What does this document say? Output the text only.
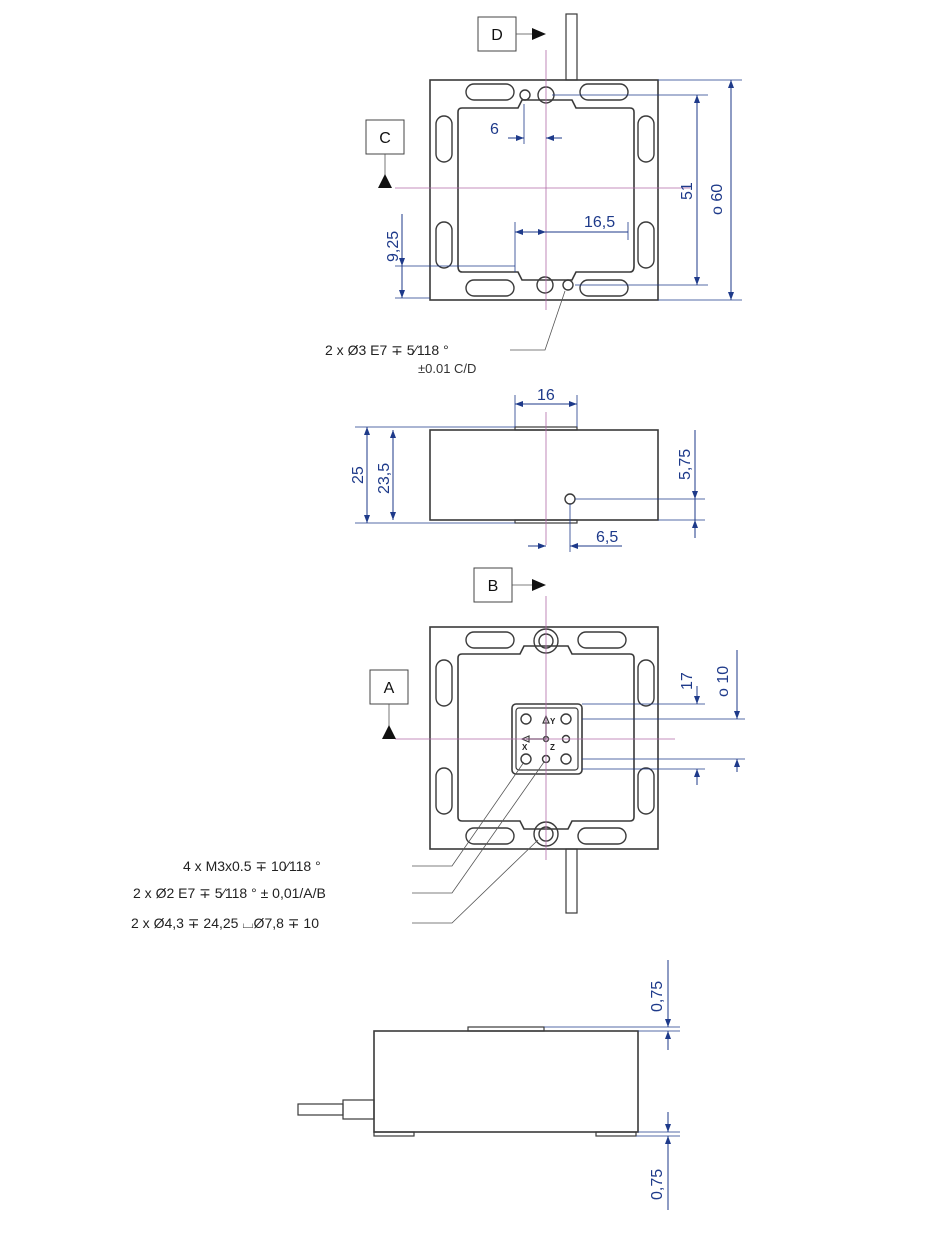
D
C
6
16,5
9,25
51 o 60
2 x Ø3 E7 ∓ 5⁄118 °
±0.01 C/D
16
25 23,5	5,75
6,5
Y
X	Z
B
A	17 o 10
4 x M3x0.5 ∓ 10⁄118 °
2 x Ø2 E7 ∓ 5⁄118 ° ± 0,01/A/B
2 x Ø4,3 ∓ 24,25 ⌴Ø7,8 ∓ 10
0,75
0,75
